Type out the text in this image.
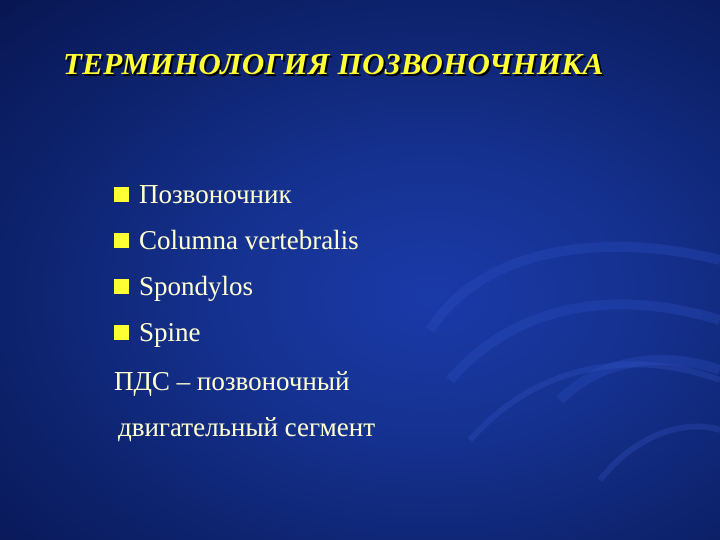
ТЕРМИНОЛОГИЯ ПОЗВОНОЧНИКА
Позвоночник
Columna vertebralis
Spondylos
Spine
ПДС – позвоночный
двигательный сегмент
